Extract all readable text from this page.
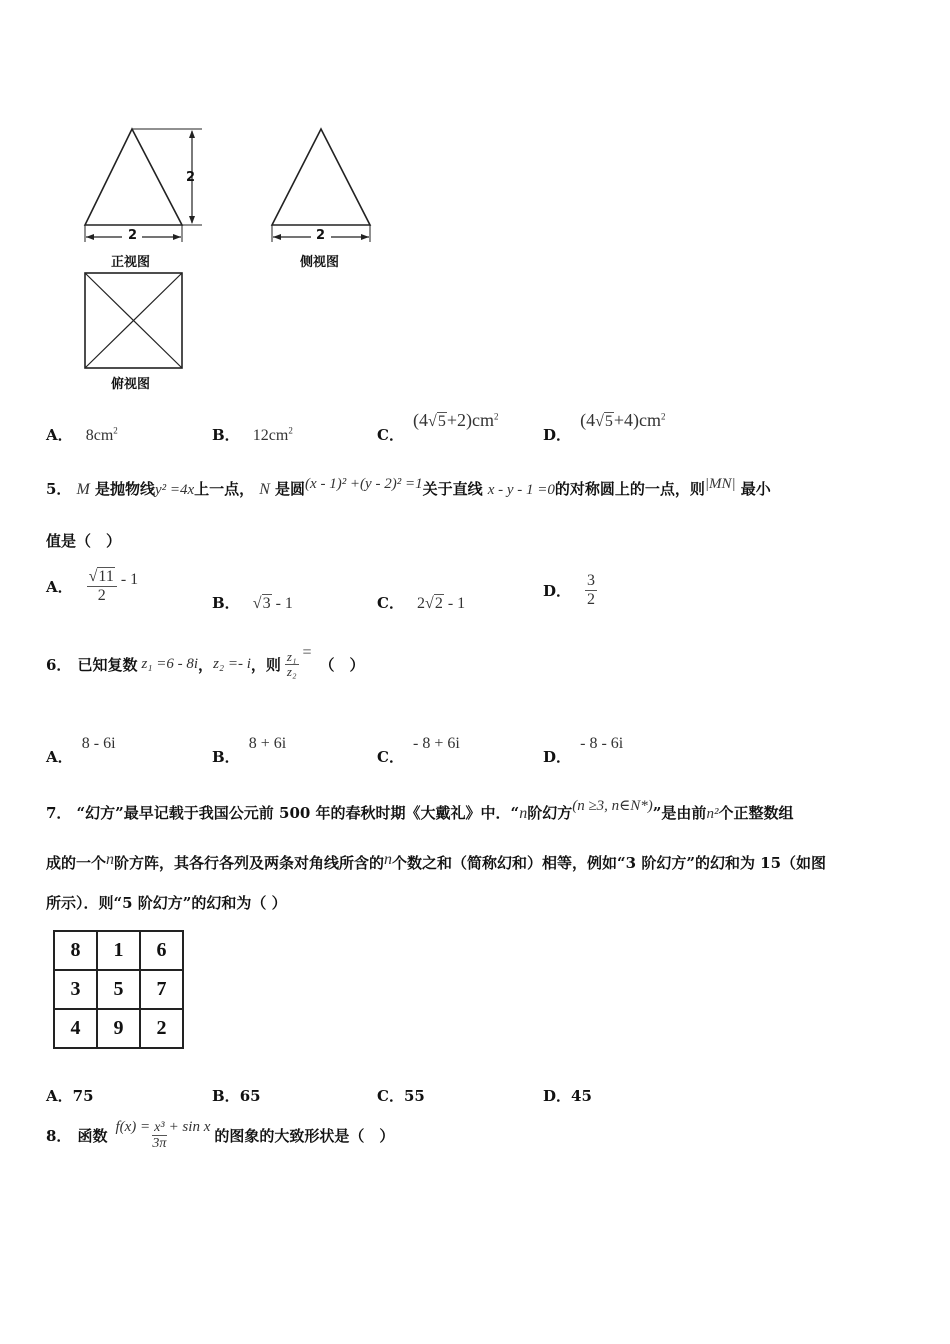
2
2	2
正视图	侧视图
俯视图
A． $8cm^2$	B． $12cm^2$	C． $(4√5+2)cm^2$
D． $(4√5+4)cm^2$
5． M 是抛物线y² =4x上一点， N 是圆(x - 1)² +(y - 2)² =1关于直线 x - y - 1 =0的对称圆上的一点，则|MN| 最小
值是（　）
A． $\frac{√11}{2} - 1$
B． √3 - 1	C． 2√2 - 1
D． $\frac{3}{2}$
6． 已知复数 z₁ =6 - 8i ， z₂ =- i ，则 $\frac{\text{z₁}}{\text{z₂}}$ =
（　）
A． 8 - 6i
B． 8 + 6i
C． - 8 + 6i
D． - 8 - 6i
7． “幻方”最早记载于我国公元前 500 年的春秋时期《大戴礼》中．“n阶幻方(n ≥3, n∈N*)”是由前n²个正整数组
成的一个n阶方阵，其各行各列及两条对角线所含的n个数之和（简称幻和）相等，例如“3 阶幻方”的幻和为 15（如图
所示）．则“5 阶幻方”的幻和为（ ）
8	1	6
3	5	7
4	9	2
A．75	B．65	C．55	D．45
8． 函数 $f(x) = \frac{\text{x³}}{3\pi} + \sin x$ 的图象的大致形状是（　）
